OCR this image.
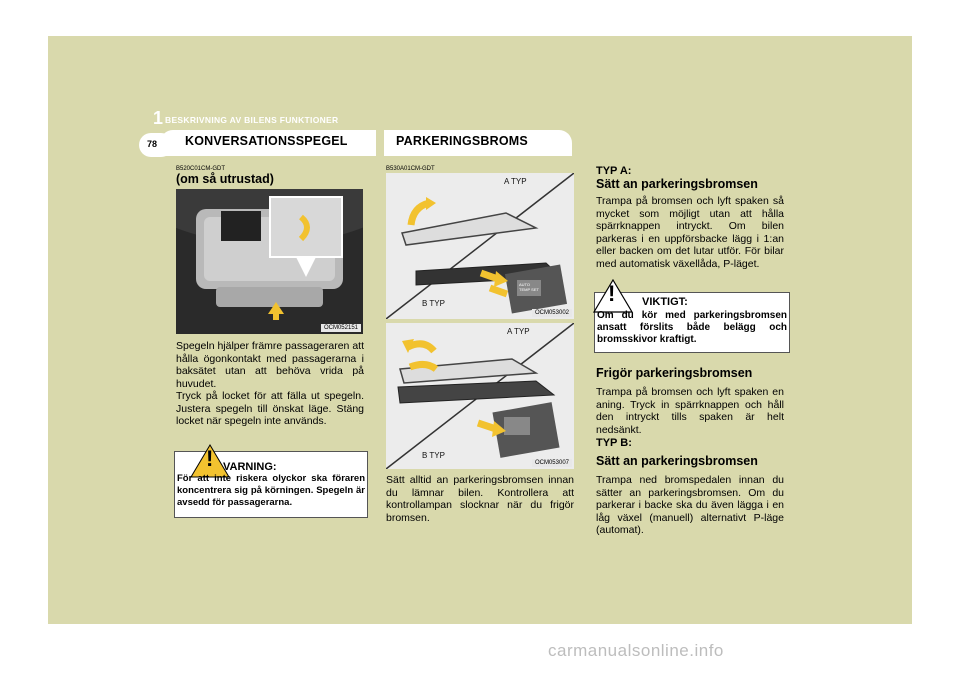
1 BESKRIVNING AV BILENS FUNKTIONER
78 KONVERSATIONSSPEGEL
B520C01CM-GDT
(om så utrustad)
OCM052151
Spegeln hjälper främre passageraren att hålla ögonkontakt med passagerarna i baksätet utan att behöva vrida på huvudet.
Tryck på locket för att fälla ut spegeln. Justera spegeln till önskat läge. Stäng locket när spegeln inte används.
! VARNING:
För att inte riskera olyckor ska föraren koncentrera sig på körningen. Spegeln är avsedd för passagerarna.
PARKERINGSBROMS
B530A01CM-GDT
A TYP
B TYP
AUTO TEMP SET
OCM053002
A TYP
B TYP
OCM053007
Sätt alltid an parkeringsbromsen innan du lämnar bilen. Kontrollera att kontrollampan slocknar när du frigör bromsen.
TYP A:
Sätt an parkeringsbromsen
Trampa på bromsen och lyft spaken så mycket som möjligt utan att hålla spärrknappen intryckt. Om bilen parkeras i en uppförsbacke lägg i 1:an eller backen om det lutar utför. För bilar med automatisk växellåda, P-läget.
! VIKTIGT:
Om du kör med parkeringsbromsen ansatt förslits både belägg och bromsskivor kraftigt.
Frigör parkeringsbromsen
Trampa på bromsen och lyft spaken en aning. Tryck in spärrknappen och håll den intryckt tills spaken är helt nedsänkt.
TYP B:
Sätt an parkeringsbromsen
Trampa ned bromspedalen innan du sätter an parkeringsbromsen. Om du parkerar i backe ska du även lägga i en låg växel (manuell) alternativt P-läge (automat).
carmanualsonline.info
